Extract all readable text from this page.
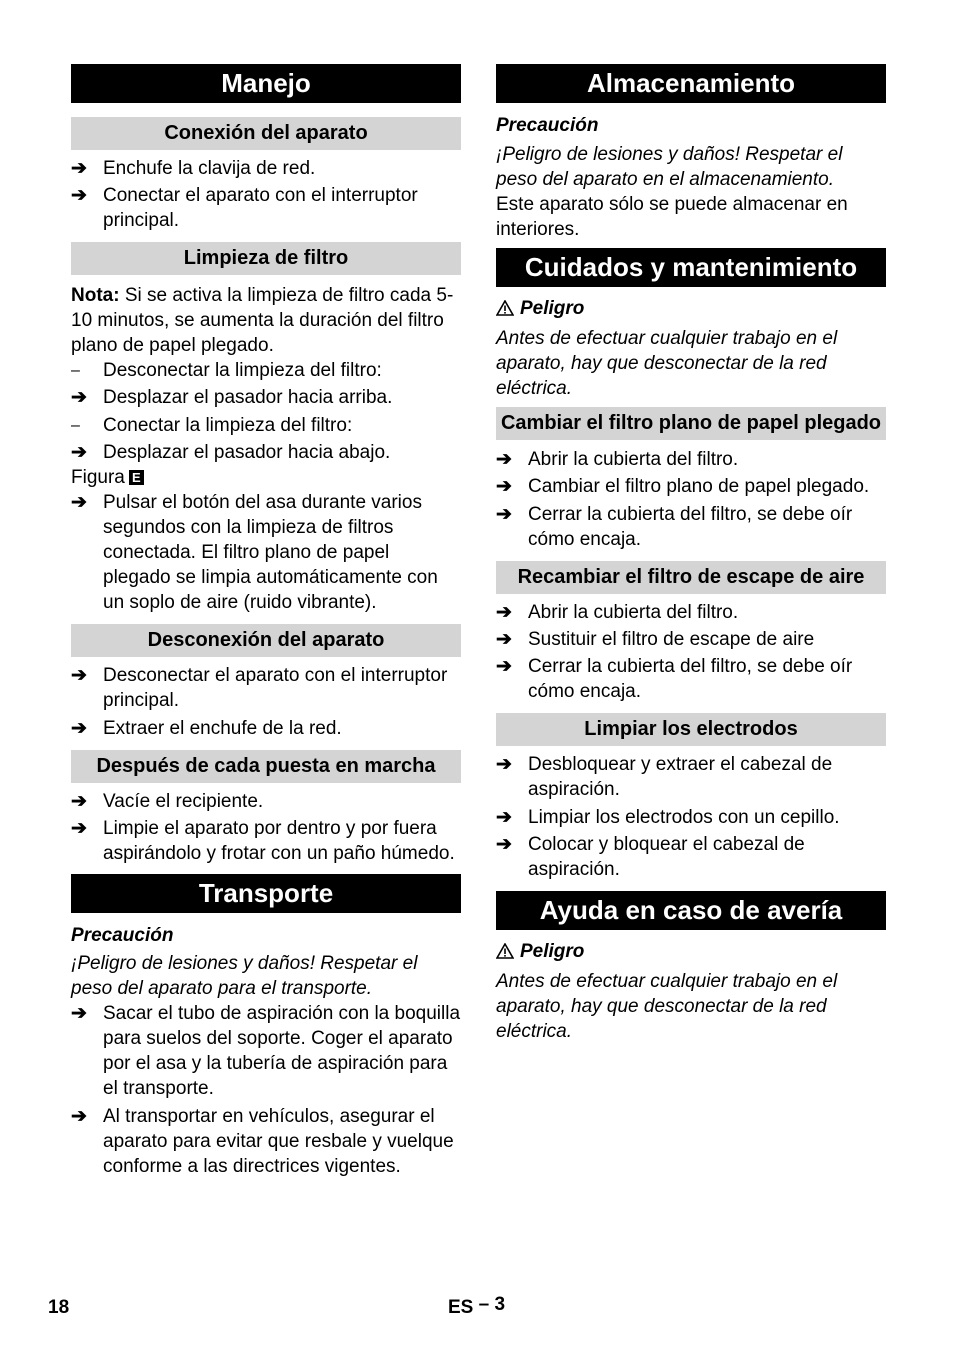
Manejo
Conexión del aparato
➔ Enchufe la clavija de red.
➔ Conectar el aparato con el interruptor principal.
Limpieza de filtro
Nota: Si se activa la limpieza de filtro cada 5-10 minutos, se aumenta la duración del filtro plano de papel plegado.
–	Desconectar la limpieza del filtro:
➔ Desplazar el pasador hacia arriba.
–	Conectar la limpieza del filtro:
➔ Desplazar el pasador hacia abajo.
Figura E
➔ Pulsar el botón del asa durante varios segundos con la limpieza de filtros conectada. El filtro plano de papel plegado se limpia automáticamente con un soplo de aire (ruido vibrante).
Desconexión del aparato
➔ Desconectar el aparato con el interruptor principal.
➔ Extraer el enchufe de la red.
Después de cada puesta en marcha
➔ Vacíe el recipiente.
➔ Limpie el aparato por dentro y por fuera aspirándolo y frotar con un paño húmedo.
Transporte
Precaución
¡Peligro de lesiones y daños! Respetar el peso del aparato para el transporte.
➔ Sacar el tubo de aspiración con la boquilla para suelos del soporte. Coger el aparato por el asa y la tubería de aspiración para el transporte.
➔ Al transportar en vehículos, asegurar el aparato para evitar que resbale y vuelque conforme a las directrices vigentes.
Almacenamiento
Precaución
¡Peligro de lesiones y daños! Respetar el peso del aparato en el almacenamiento.
Este aparato sólo se puede almacenar en interiores.
Cuidados y mantenimiento
Peligro
Antes de efectuar cualquier trabajo en el aparato, hay que desconectar de la red eléctrica.
Cambiar el filtro plano de papel plegado
➔ Abrir la cubierta del filtro.
➔ Cambiar el filtro plano de papel plegado.
➔ Cerrar la cubierta del filtro, se debe oír cómo encaja.
Recambiar el filtro de escape de aire
➔ Abrir la cubierta del filtro.
➔ Sustituir el filtro de escape de aire
➔ Cerrar la cubierta del filtro, se debe oír cómo encaja.
Limpiar los electrodos
➔ Desbloquear y extraer el cabezal de aspiración.
➔ Limpiar los electrodos con un cepillo.
➔ Colocar y bloquear el cabezal de aspiración.
Ayuda en caso de avería
Peligro
Antes de efectuar cualquier trabajo en el aparato, hay que desconectar de la red eléctrica.
18	ES – 3
